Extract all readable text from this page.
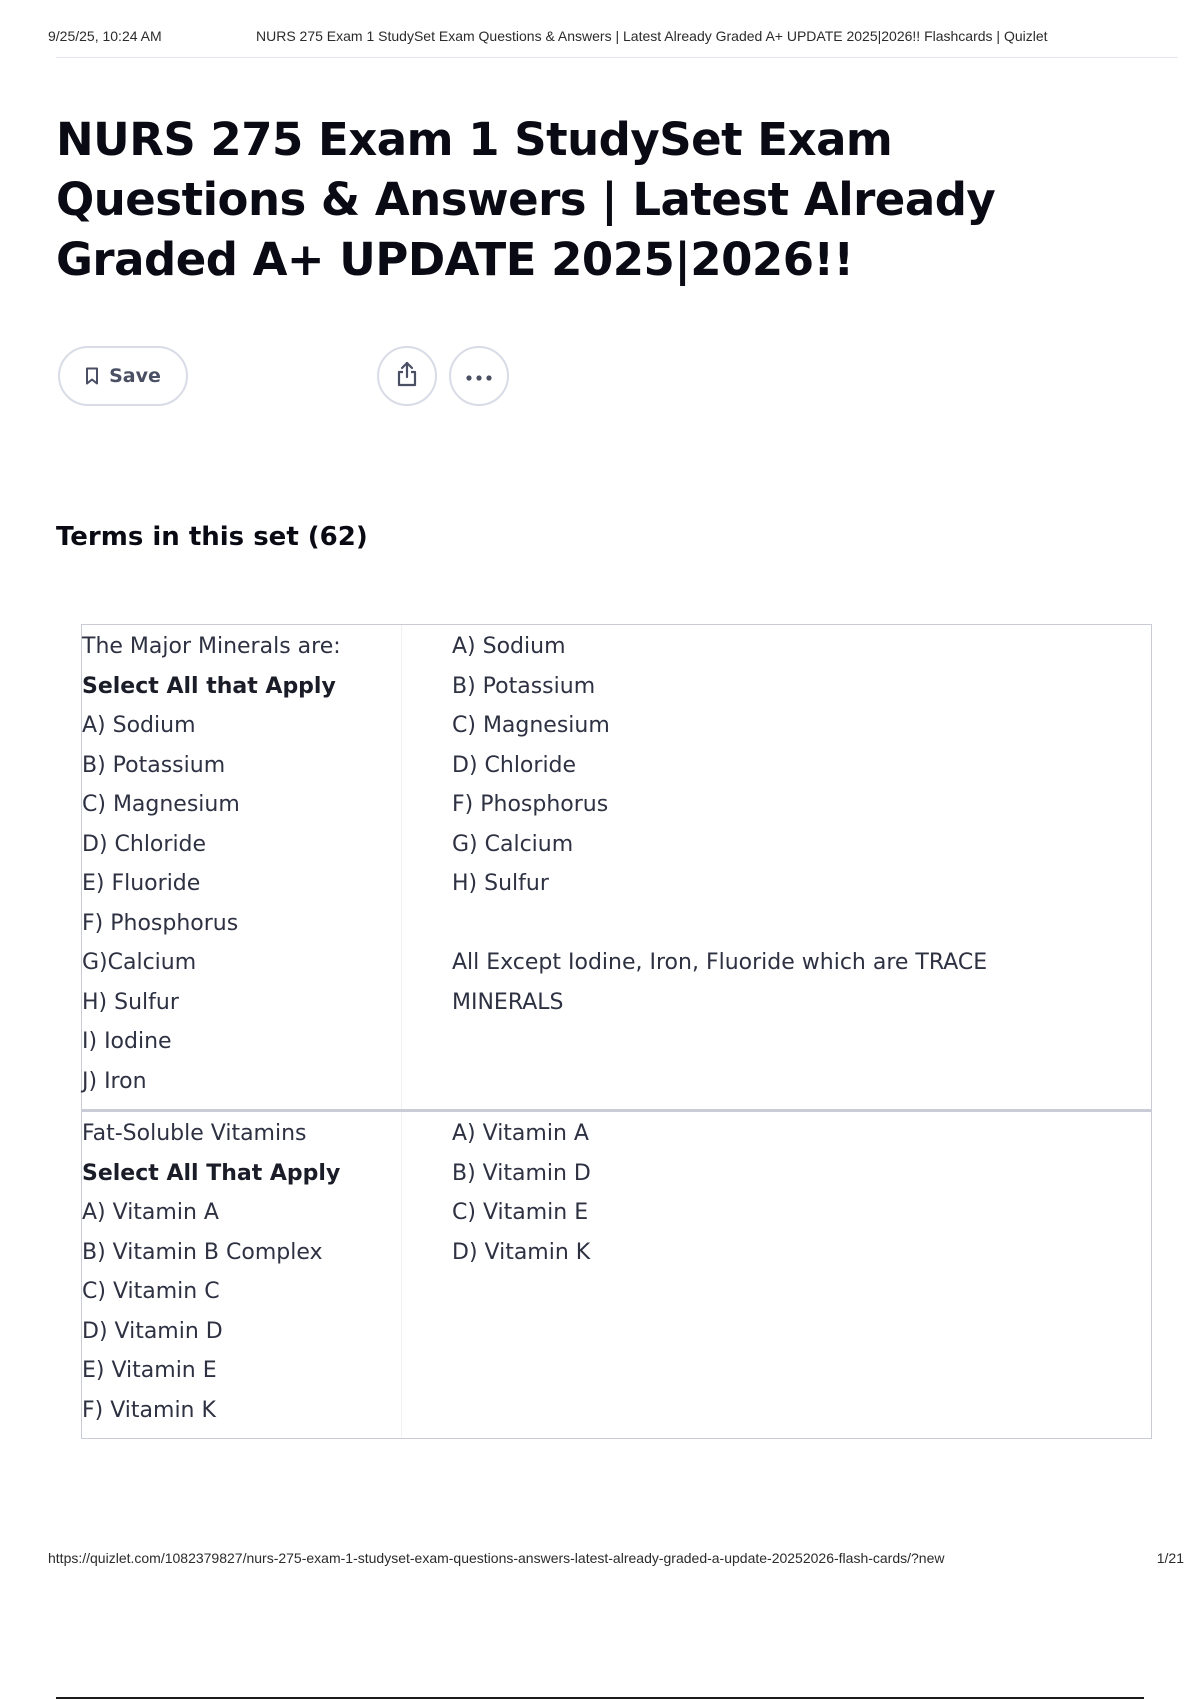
9/25/25, 10:24 AM	NURS 275 Exam 1 StudySet Exam Questions & Answers | Latest Already Graded A+ UPDATE 2025|2026!! Flashcards | Quizlet
NURS 275 Exam 1 StudySet Exam Questions & Answers | Latest Already Graded A+ UPDATE 2025|2026!!
Save
Terms in this set (62)
The Major Minerals are:
Select All that Apply
A) Sodium
B) Potassium
C) Magnesium
D) Chloride
E) Fluoride
F) Phosphorus
G)Calcium
H) Sulfur
I) Iodine
J) Iron
A) Sodium
B) Potassium
C) Magnesium
D) Chloride
F) Phosphorus
G) Calcium
H) Sulfur
All Except Iodine, Iron, Fluoride which are TRACE
MINERALS
Fat-Soluble Vitamins
Select All That Apply
A) Vitamin A
B) Vitamin B Complex
C) Vitamin C
D) Vitamin D
E) Vitamin E
F) Vitamin K
A) Vitamin A
B) Vitamin D
C) Vitamin E
D) Vitamin K
https://quizlet.com/1082379827/nurs-275-exam-1-studyset-exam-questions-answers-latest-already-graded-a-update-20252026-flash-cards/?new	1/21
